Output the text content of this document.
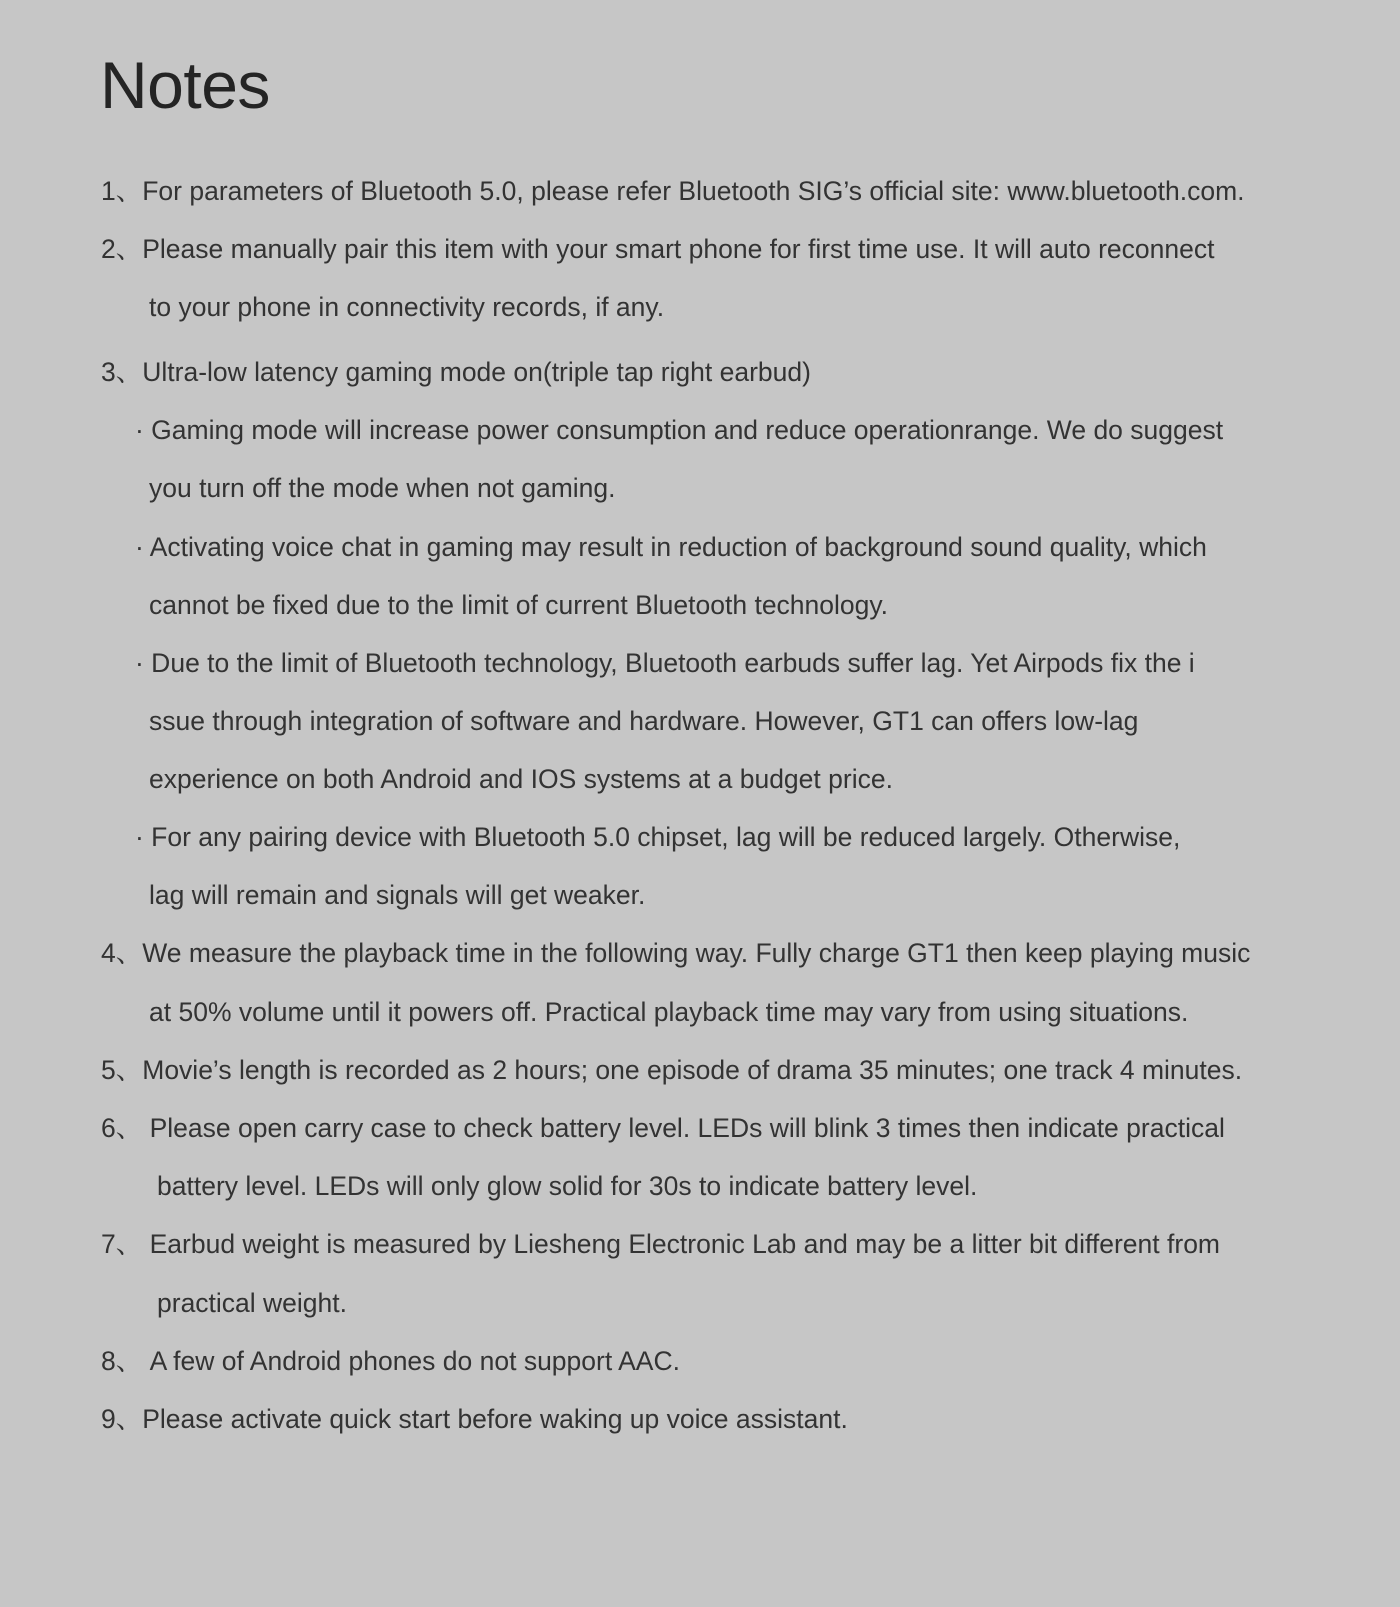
Notes
1、For parameters of Bluetooth 5.0, please refer Bluetooth SIG’s official site: www.bluetooth.com.
2、Please manually pair this item with your smart phone for first time use. It will auto reconnect
to your phone in connectivity records, if any.
3、Ultra-low latency gaming mode on(triple tap right earbud)
· Gaming mode will increase power consumption and reduce operationrange. We do suggest
you turn off the mode when not gaming.
· Activating voice chat in gaming may result in reduction of background sound quality, which
cannot be fixed due to the limit of current Bluetooth technology.
· Due to the limit of Bluetooth technology, Bluetooth earbuds suffer lag. Yet Airpods fix the i
ssue through integration of software and hardware. However, GT1 can offers low-lag
experience on both Android and IOS systems at a budget price.
· For any pairing device with Bluetooth 5.0 chipset, lag will be reduced largely. Otherwise,
lag will remain and signals will get weaker.
4、We measure the playback time in the following way. Fully charge GT1 then keep playing music
at 50% volume until it powers off. Practical playback time may vary from using situations.
5、Movie’s length is recorded as 2 hours; one episode of drama 35 minutes; one track 4 minutes.
6、 Please open carry case to check battery level. LEDs will blink 3 times then indicate practical
battery level. LEDs will only glow solid for 30s to indicate battery level.
7、 Earbud weight is measured by Liesheng Electronic Lab and may be a litter bit different from
practical weight.
8、 A few of Android phones do not support AAC.
9、Please activate quick start before waking up voice assistant.
